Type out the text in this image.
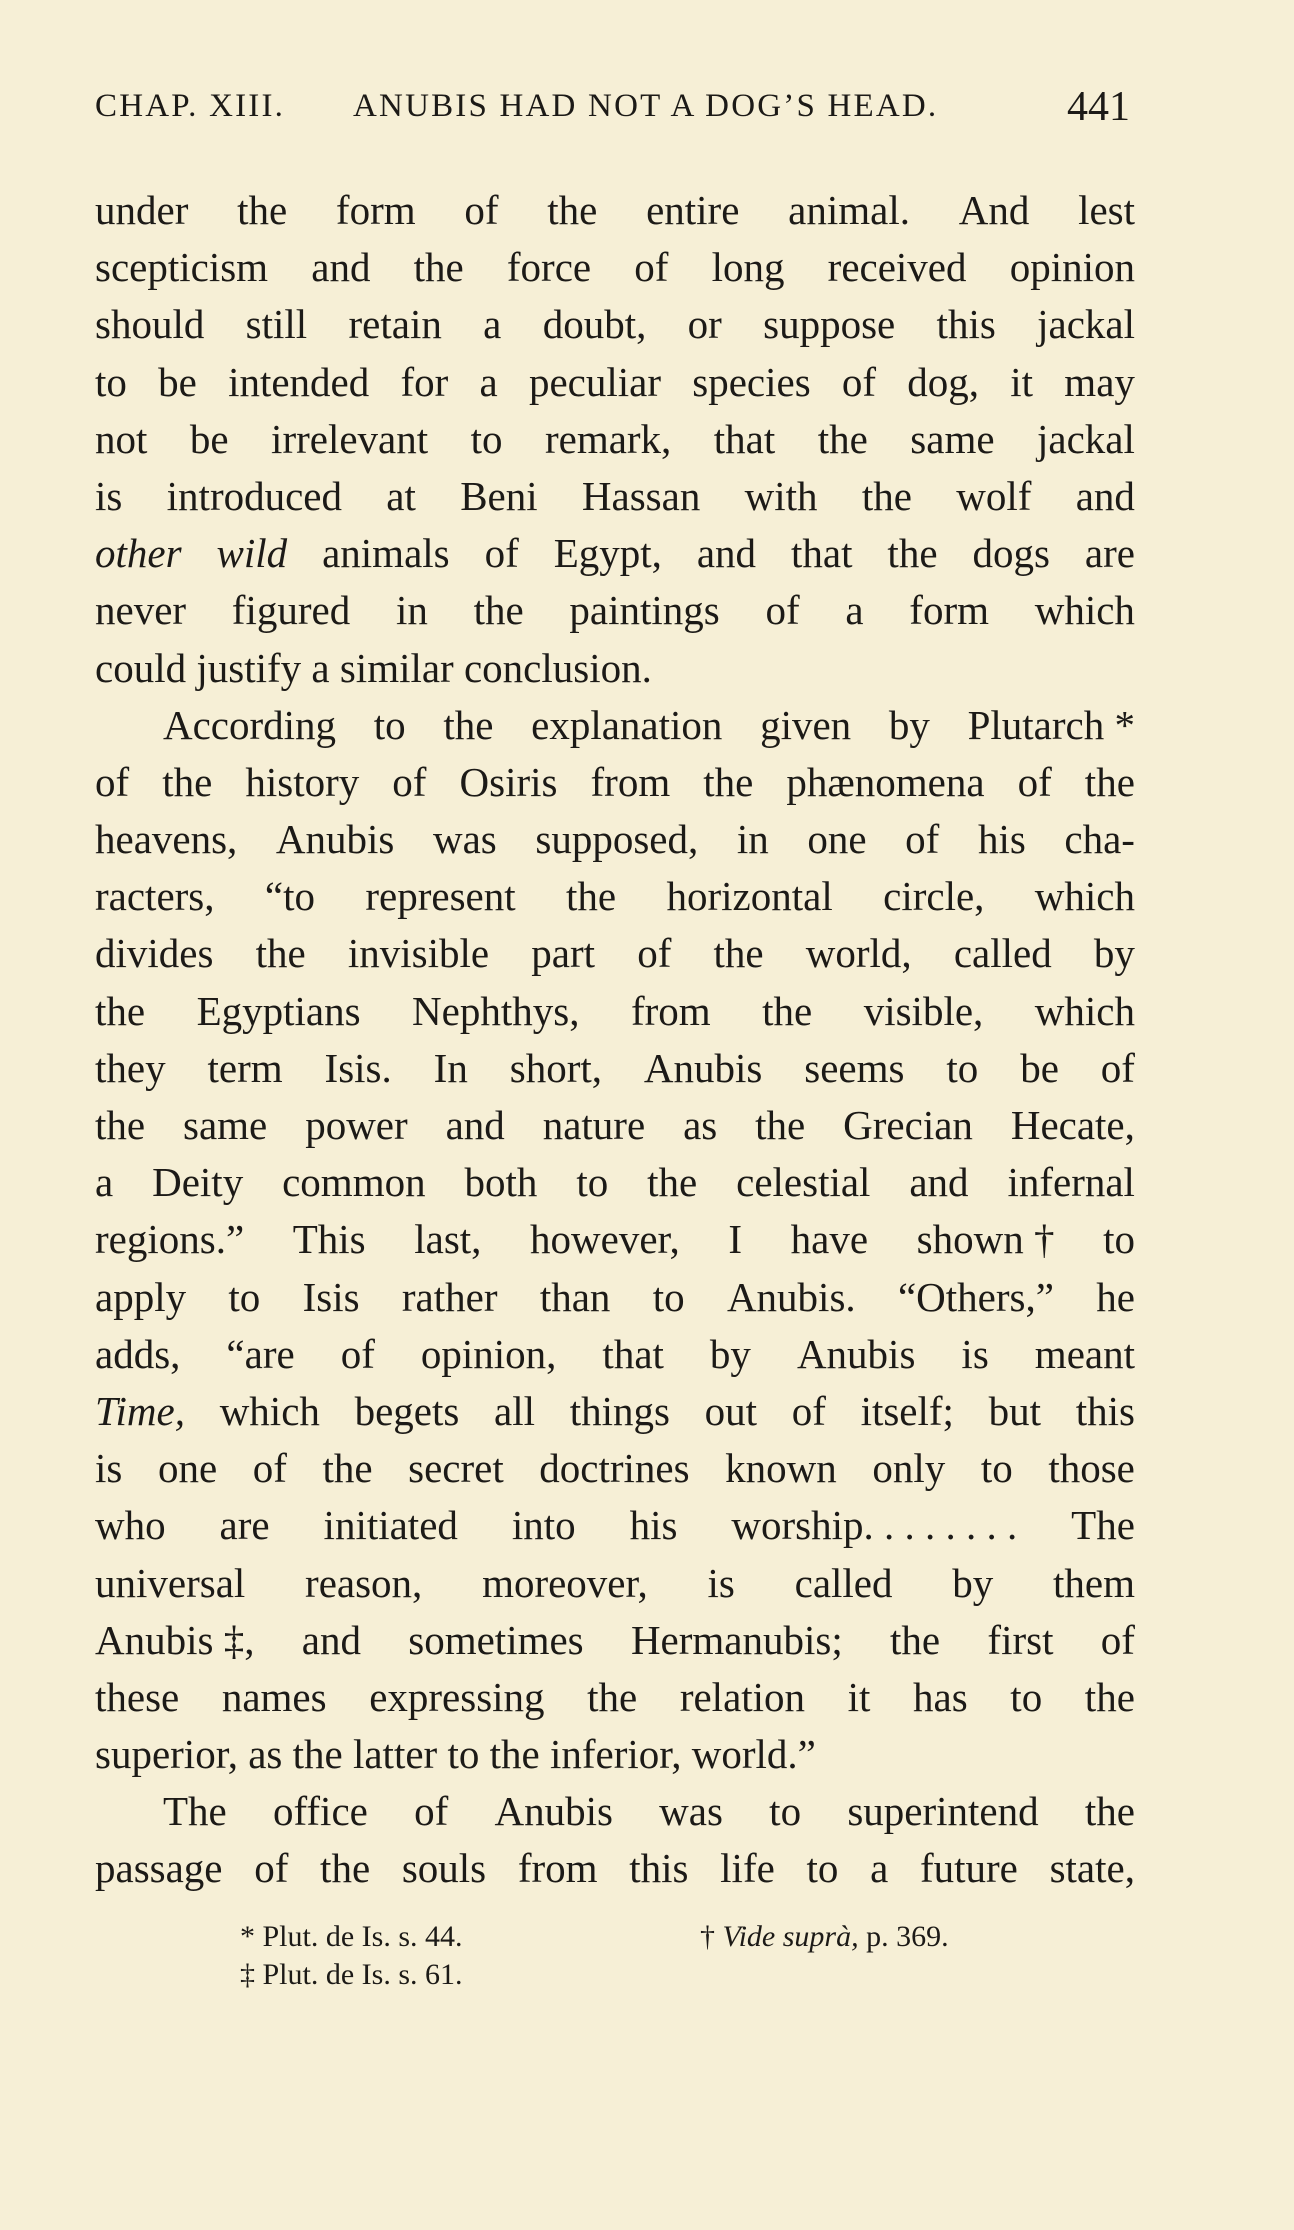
CHAP. XIII. ANUBIS HAD NOT A DOG’S HEAD.	441
under the form of the entire animal. And lest
scepticism and the force of long received opinion
should still retain a doubt, or suppose this jackal
to be intended for a peculiar species of dog, it may
not be irrelevant to remark, that the same jackal
is introduced at Beni Hassan with the wolf and
other wild animals of Egypt, and that the dogs are
never figured in the paintings of a form which
could
justify
a
similar
conclusion.
According to the explanation given by Plutarch *
of the history of Osiris from the phænomena of the
heavens, Anubis was supposed, in one of his cha-
racters, “to represent the horizontal circle, which
divides the invisible part of the world, called by
the Egyptians Nephthys, from the visible, which
they term Isis. In short, Anubis seems to be of
the same power and nature as the Grecian Hecate,
a Deity common both to the celestial and infernal
regions.” This last, however, I have shown † to
apply to Isis rather than to Anubis. “Others,” he
adds, “are of opinion, that by Anubis is meant
Time, which begets all things out of itself; but this
is one of the secret doctrines known only to those
who are initiated into his worship. . . . . . . . The
universal reason, moreover, is called by them
Anubis ‡, and sometimes Hermanubis; the first of
these names expressing the relation it has to the
superior,
as
the
latter
to
the
inferior,
world.”
The office of Anubis was to superintend the
passage of the souls from this life to a future state,
* Plut. de Is. s. 44.	† Vide suprà, p. 369.
‡ Plut. de Is. s. 61.
